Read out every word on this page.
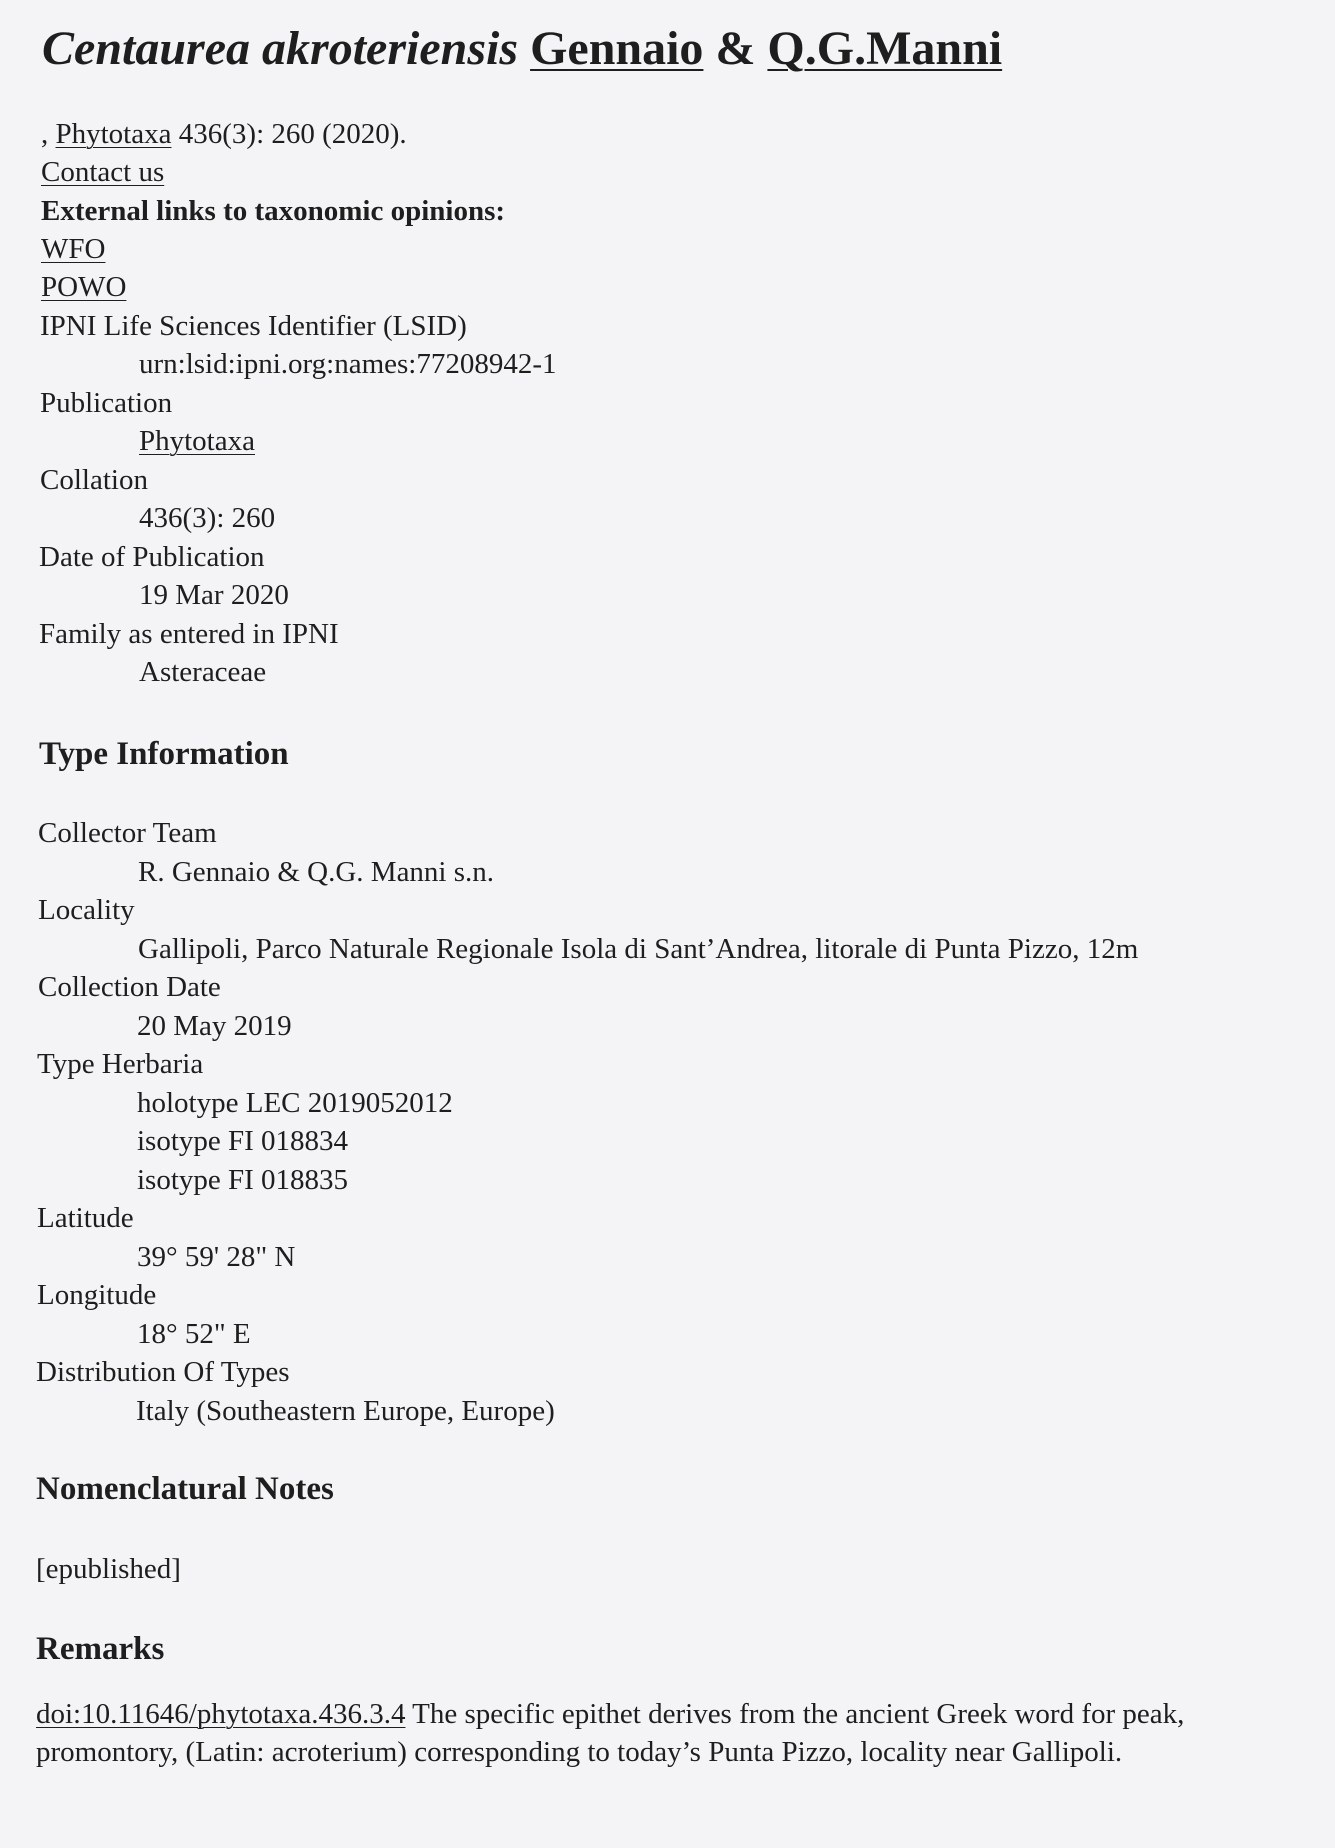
Centaurea akroteriensis Gennaio & Q.G.Manni
, Phytotaxa 436(3): 260 (2020).
Contact us
External links to taxonomic opinions:
WFO
POWO
IPNI Life Sciences Identifier (LSID)
urn:lsid:ipni.org:names:77208942-1
Publication
Phytotaxa
Collation
436(3): 260
Date of Publication
19 Mar 2020
Family as entered in IPNI
Asteraceae
Type Information
Collector Team
R. Gennaio & Q.G. Manni s.n.
Locality
Gallipoli, Parco Naturale Regionale Isola di Sant’Andrea, litorale di Punta Pizzo, 12m
Collection Date
20 May 2019
Type Herbaria
holotype LEC 2019052012
isotype FI 018834
isotype FI 018835
Latitude
39° 59' 28" N
Longitude
18° 52" E
Distribution Of Types
Italy (Southeastern Europe, Europe)
Nomenclatural Notes
[epublished]
Remarks
doi:10.11646/phytotaxa.436.3.4 The specific epithet derives from the ancient Greek word for peak, promontory, (Latin: acroterium) corresponding to today’s Punta Pizzo, locality near Gallipoli.
